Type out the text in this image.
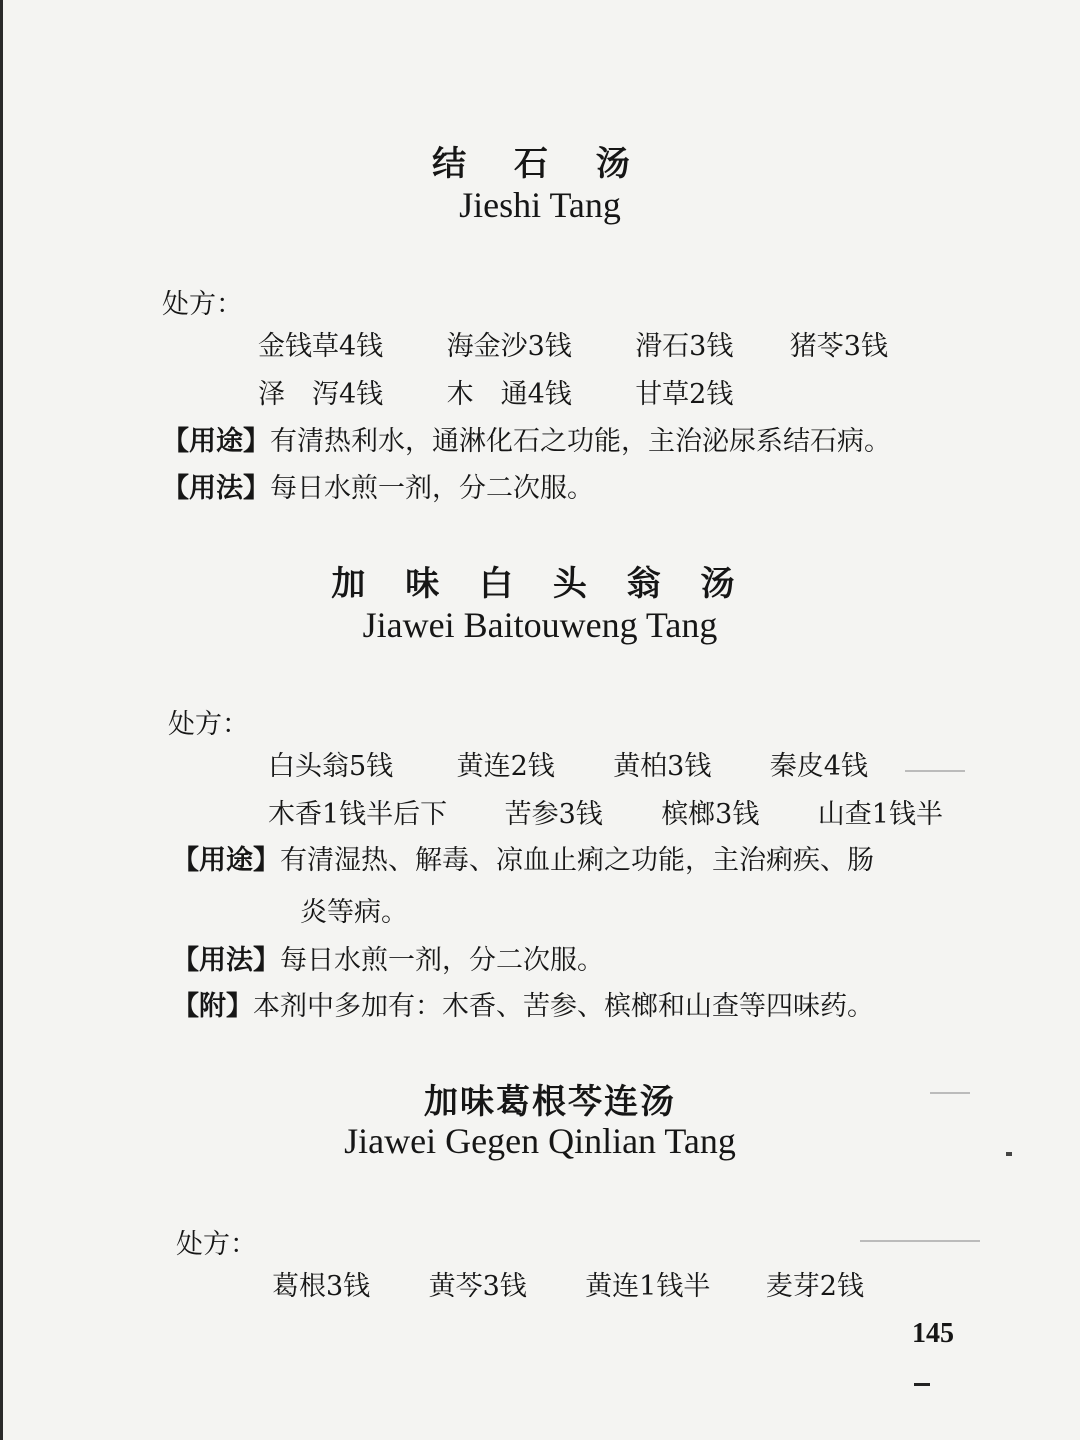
结 石 汤
Jieshi Tang
处方：
金钱草4钱 海金沙3钱 滑石3钱 猪苓3钱
泽　泻4钱 木　通4钱 甘草2钱
【用途】有清热利水，通淋化石之功能，主治泌尿系结石病。
【用法】每日水煎一剂，分二次服。
加 味 白 头 翁 汤
Jiawei Baitouweng Tang
处方：
白头翁5钱 黄连2钱 黄柏3钱 秦皮4钱
木香1钱半后下 苦参3钱 槟榔3钱 山查1钱半
【用途】有清湿热、解毒、凉血止痢之功能，主治痢疾、肠
炎等病。
【用法】每日水煎一剂，分二次服。
【附】本剂中多加有：木香、苦参、槟榔和山查等四味药。
加味葛根芩连汤
Jiawei Gegen Qinlian Tang
处方：
葛根3钱 黄芩3钱 黄连1钱半 麦芽2钱
145
